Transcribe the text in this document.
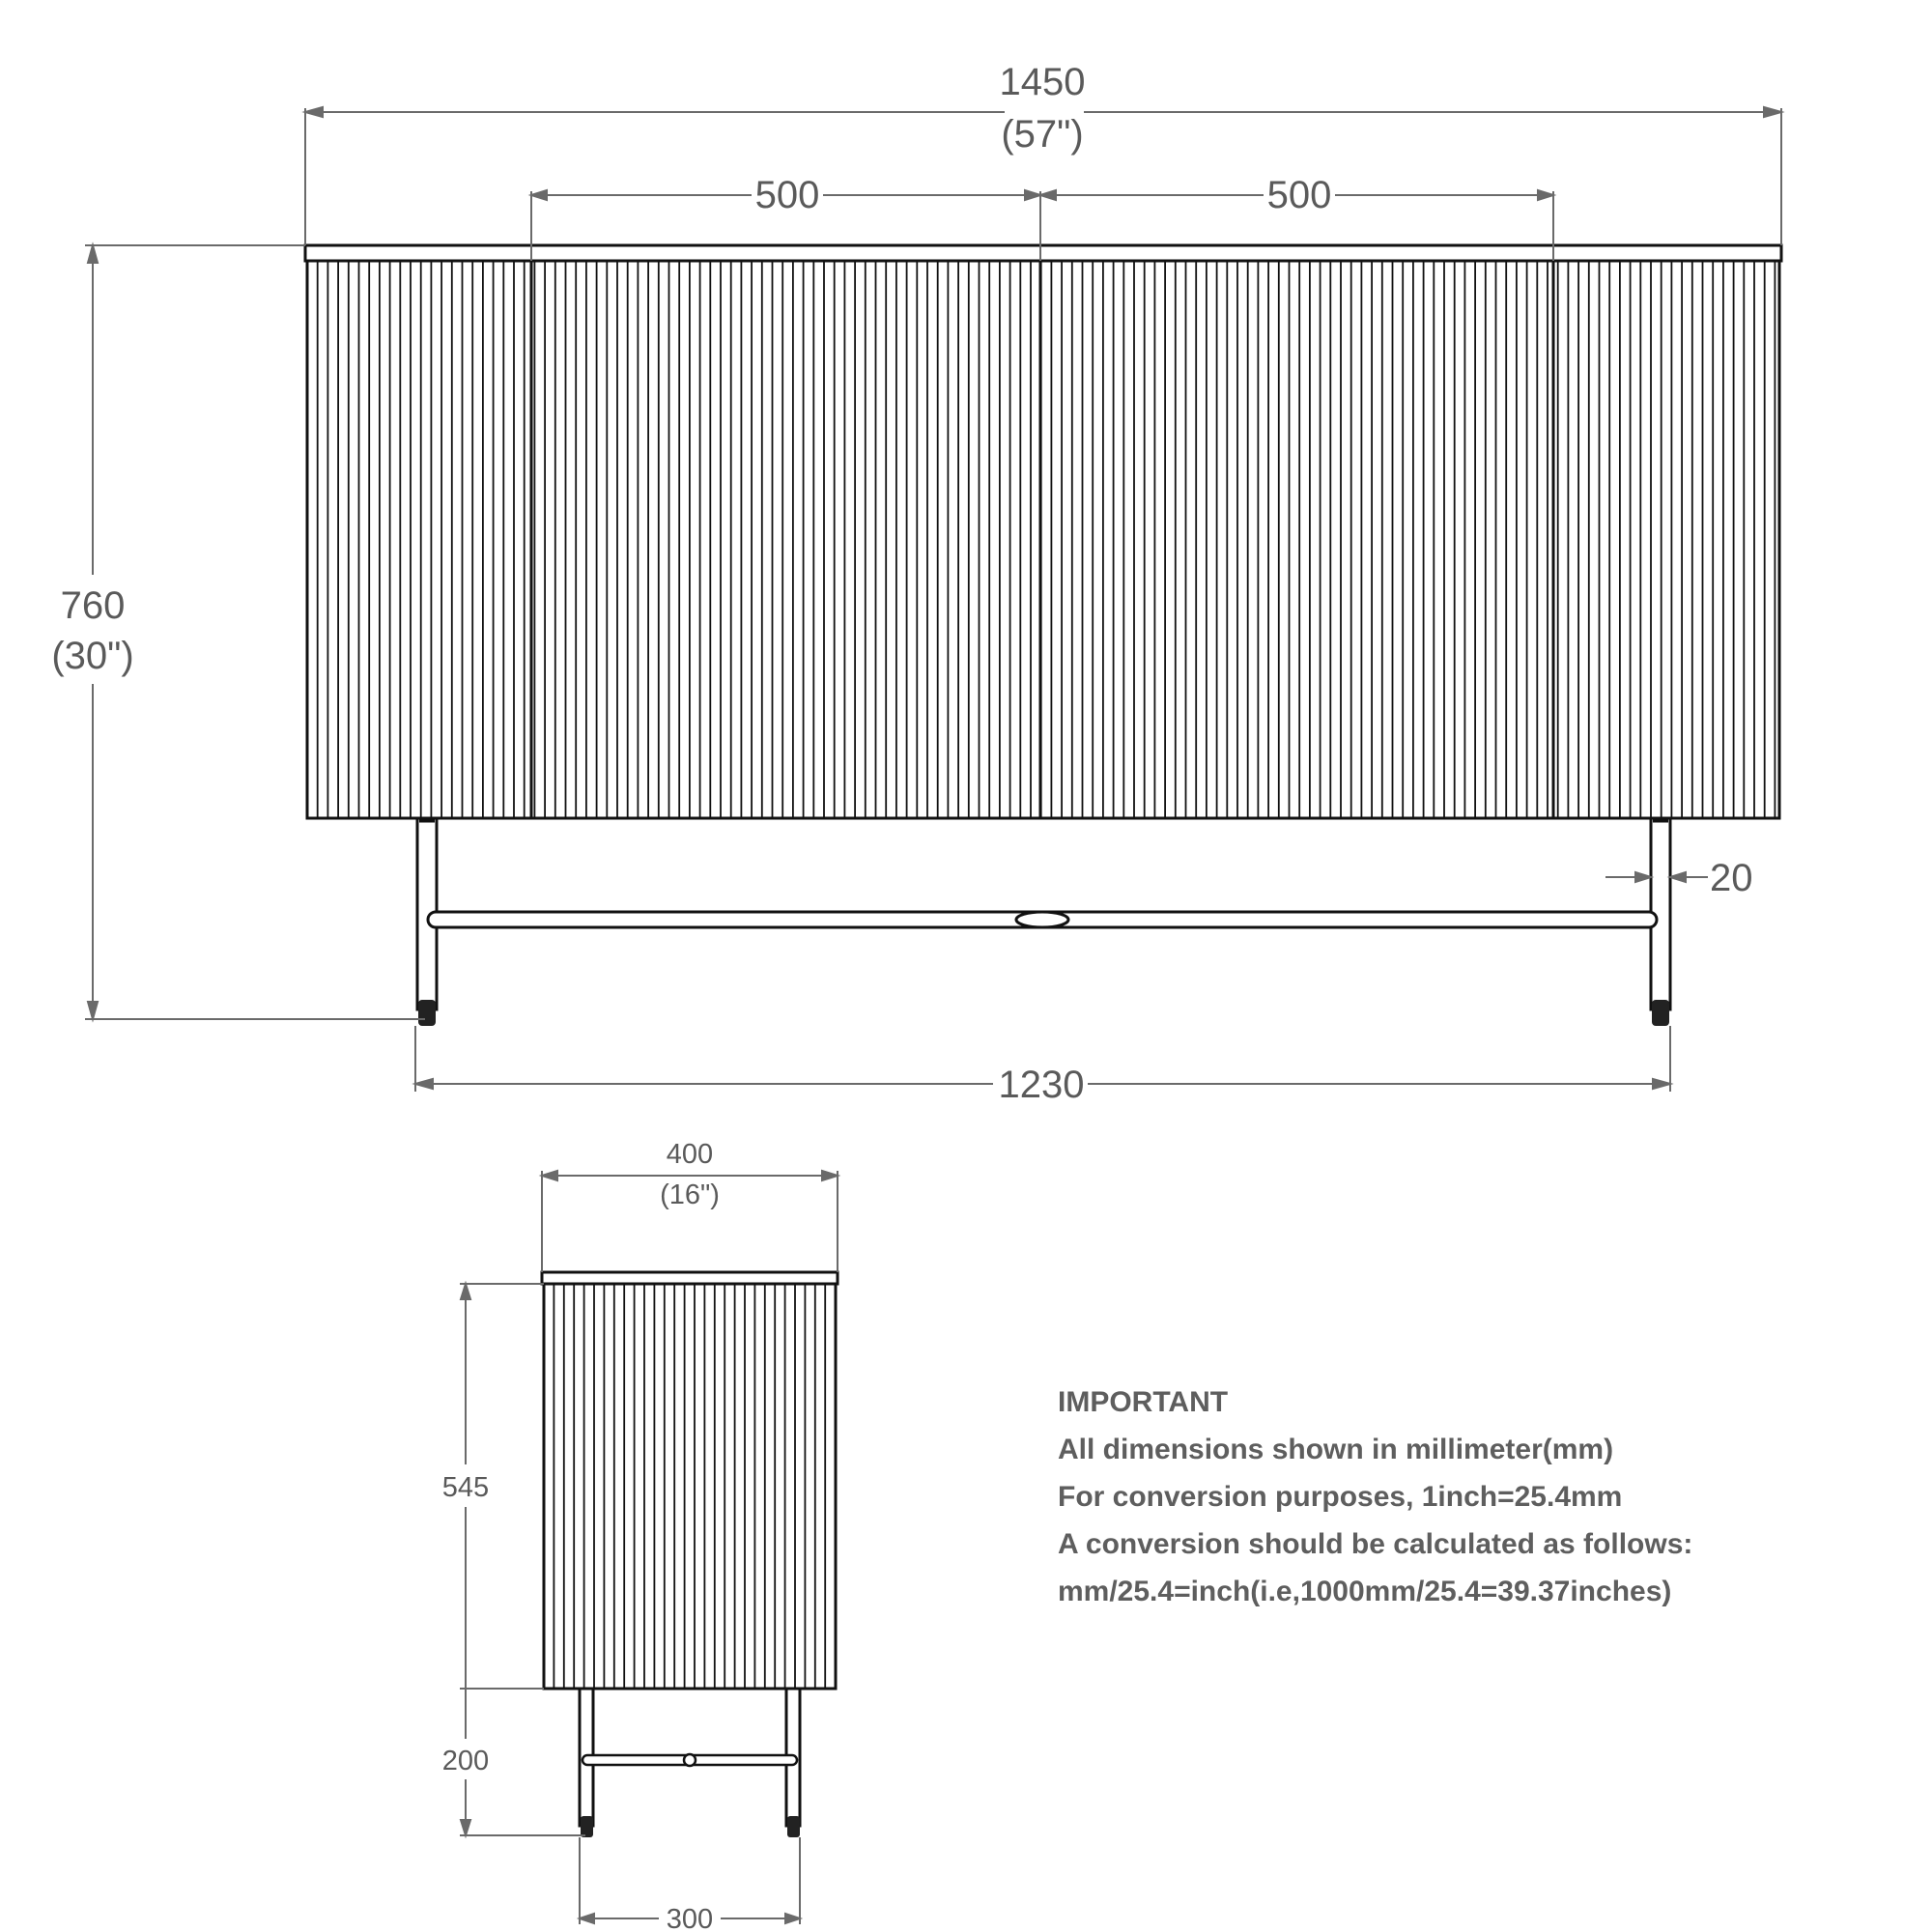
1450
(57")
500	500
760
(30")
20
1230
400
(16")
545
200
300
IMPORTANT
All dimensions shown in millimeter(mm)
For conversion purposes, 1inch=25.4mm
A conversion should be calculated as follows:
mm/25.4=inch(i.e,1000mm/25.4=39.37inches)
